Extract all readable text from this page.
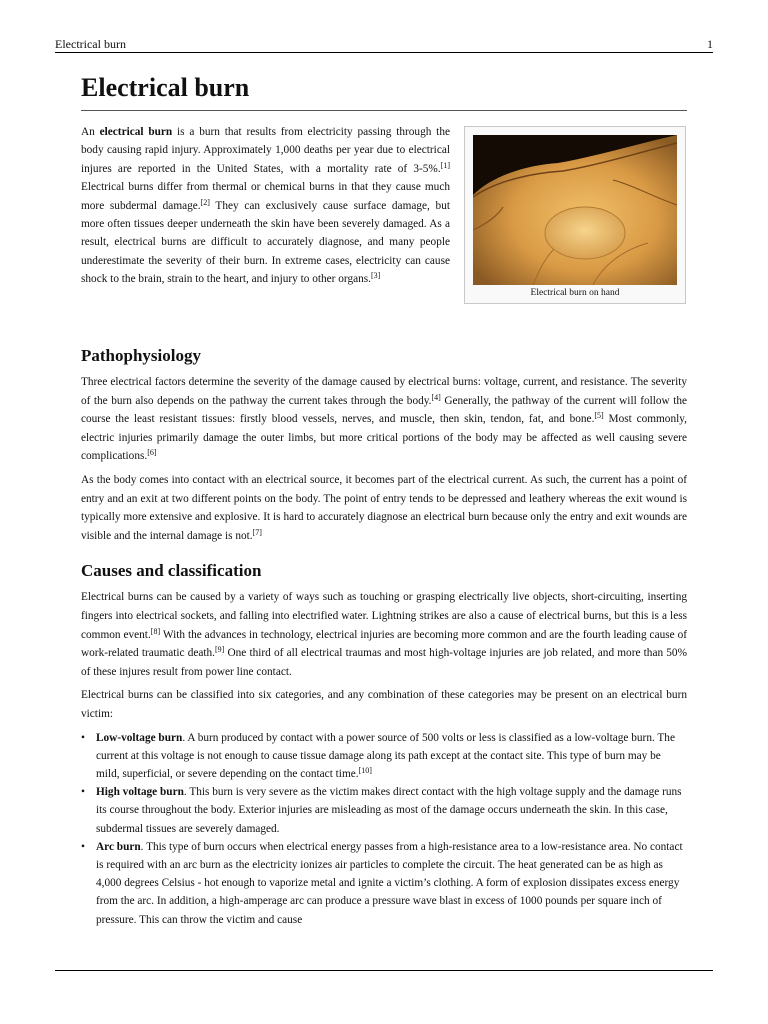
Electrical burn	1
Electrical burn

An electrical burn is a burn that results from electricity passing through the body causing rapid injury. Approximately 1,000 deaths per year due to electrical injures are reported in the United States, with a mortality rate of 3-5%.[1] Electrical burns differ from thermal or chemical burns in that they cause much more subdermal damage.[2] They can exclusively cause surface damage, but more often tissues deeper underneath the skin have been severely damaged. As a result, electrical burns are difficult to accurately diagnose, and many people underestimate the severity of their burn. In extreme cases, electricity can cause shock to the brain, strain to the heart, and injury to other organs.[3]

Electrical burn on hand
Pathophysiology

Three electrical factors determine the severity of the damage caused by electrical burns: voltage, current, and resistance. The severity of the burn also depends on the pathway the current takes through the body.[4] Generally, the pathway of the current will follow the course the least resistant tissues: firstly blood vessels, nerves, and muscle, then skin, tendon, fat, and bone.[5] Most commonly, electric injuries primarily damage the outer limbs, but more critical portions of the body may be affected as well causing severe complications.[6]

As the body comes into contact with an electrical source, it becomes part of the electrical current. As such, the current has a point of entry and an exit at two different points on the body. The point of entry tends to be depressed and leathery whereas the exit wound is typically more extensive and explosive. It is hard to accurately diagnose an electrical burn because only the entry and exit wounds are visible and the internal damage is not.[7]

Causes and classification

Electrical burns can be caused by a variety of ways such as touching or grasping electrically live objects, short-circuiting, inserting fingers into electrical sockets, and falling into electrified water. Lightning strikes are also a cause of electrical burns, but this is a less common event.[8] With the advances in technology, electrical injuries are becoming more common and are the fourth leading cause of work-related traumatic death.[9] One third of all electrical traumas and most high-voltage injuries are job related, and more than 50% of these injures result from power line contact.

Electrical burns can be classified into six categories, and any combination of these categories may be present on an electrical burn victim:

• Low-voltage burn. A burn produced by contact with a power source of 500 volts or less is classified as a low-voltage burn. The current at this voltage is not enough to cause tissue damage along its path except at the contact site. This type of burn may be mild, superficial, or severe depending on the contact time.[10]
• High voltage burn. This burn is very severe as the victim makes direct contact with the high voltage supply and the damage runs its course throughout the body. Exterior injuries are misleading as most of the damage occurs underneath the skin. In this case, subdermal tissues are severely damaged.
• Arc burn. This type of burn occurs when electrical energy passes from a high-resistance area to a low-resistance area. No contact is required with an arc burn as the electricity ionizes air particles to complete the circuit. The heat generated can be as high as 4,000 degrees Celsius - hot enough to vaporize metal and ignite a victim’s clothing. A form of explosion dissipates excess energy from the arc. In addition, a high-amperage arc can produce a pressure wave blast in excess of 1000 pounds per square inch of pressure. This can throw the victim and cause
